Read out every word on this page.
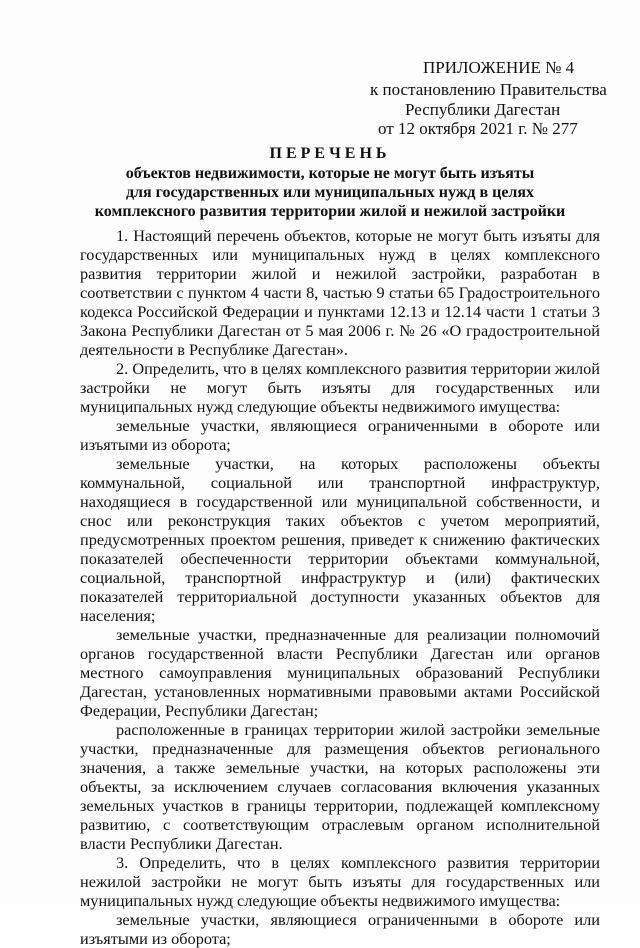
ПРИЛОЖЕНИЕ № 4
к постановлению Правительства
Республики Дагестан
от 12 октября 2021 г. № 277
ПЕРЕЧЕНЬ
объектов недвижимости, которые не могут быть изъяты
для государственных или муниципальных нужд в целях
комплексного развития территории жилой и нежилой застройки

1. Настоящий перечень объектов, которые не могут быть изъяты для государственных или муниципальных нужд в целях комплексного развития территории жилой и нежилой застройки, разработан в соответствии с пунктом 4 части 8, частью 9 статьи 65 Градостроительного кодекса Российской Федерации и пунктами 12.13 и 12.14 части 1 статьи 3 Закона Республики Дагестан от 5 мая 2006 г. № 26 «О градостроительной деятельности в Республике Дагестан».

2. Определить, что в целях комплексного развития территории жилой застройки не могут быть изъяты для государственных или муниципальных нужд следующие объекты недвижимого имущества:

земельные участки, являющиеся ограниченными в обороте или изъятыми из оборота;

земельные участки, на которых расположены объекты коммунальной, социальной или транспортной инфраструктур, находящиеся в государственной или муниципальной собственности, и снос или реконструкция таких объектов с учетом мероприятий, предусмотренных проектом решения, приведет к снижению фактических показателей обеспеченности территории объектами коммунальной, социальной, транспортной инфраструктур и (или) фактических показателей территориальной доступности указанных объектов для населения;

земельные участки, предназначенные для реализации полномочий органов государственной власти Республики Дагестан или органов местного самоуправления муниципальных образований Республики Дагестан, установленных нормативными правовыми актами Российской Федерации, Республики Дагестан;

расположенные в границах территории жилой застройки земельные участки, предназначенные для размещения объектов регионального значения, а также земельные участки, на которых расположены эти объекты, за исключением случаев согласования включения указанных земельных участков в границы территории, подлежащей комплексному развитию, с соответствующим отраслевым органом исполнительной власти Республики Дагестан.

3. Определить, что в целях комплексного развития территории нежилой застройки не могут быть изъяты для государственных или муниципальных нужд следующие объекты недвижимого имущества:

земельные участки, являющиеся ограниченными в обороте или изъятыми из оборота;
